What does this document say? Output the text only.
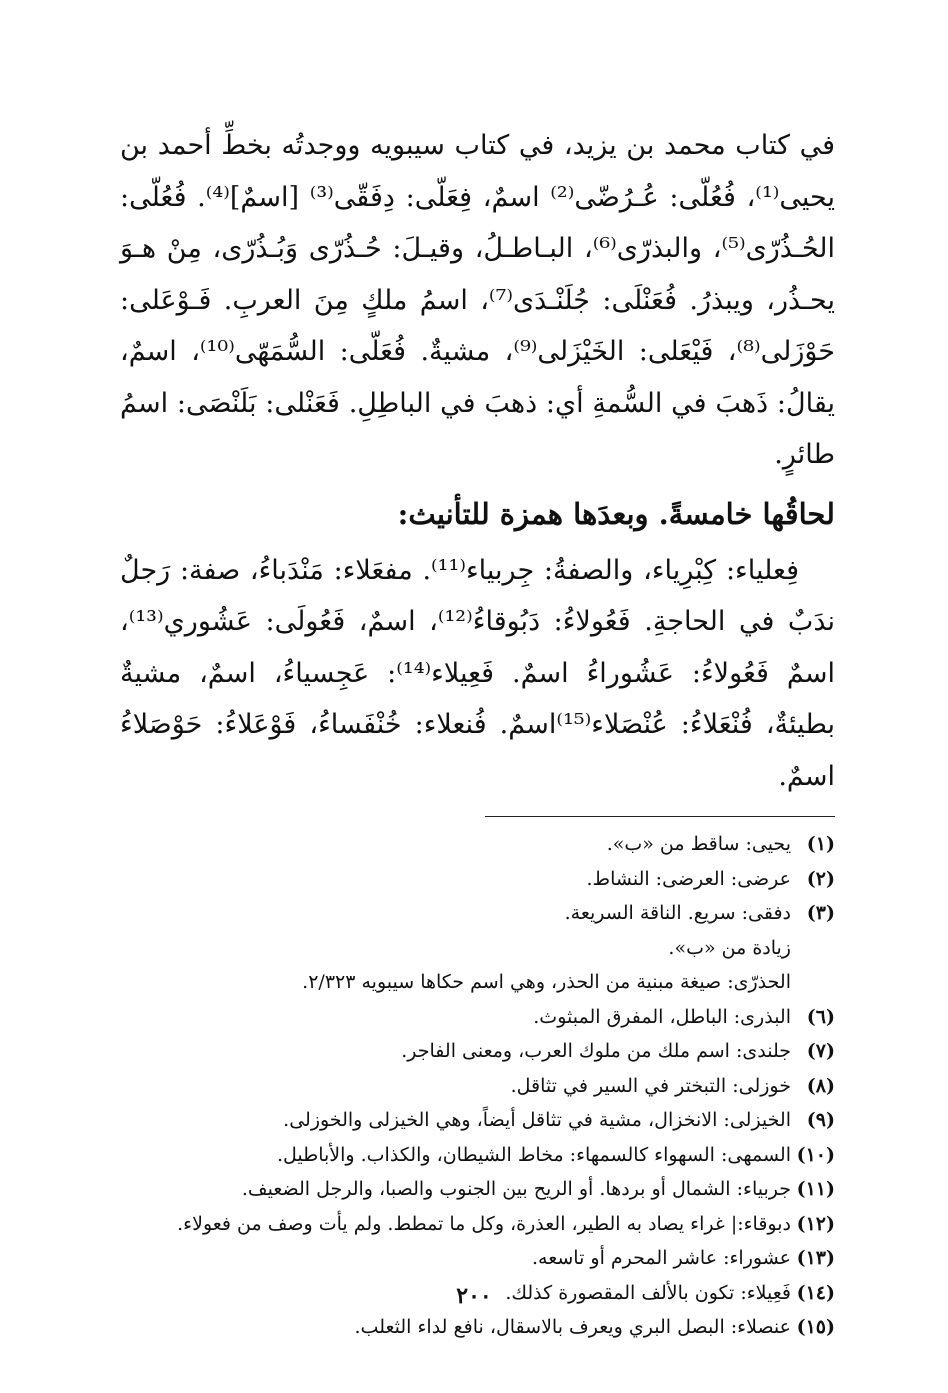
في كتاب محمد بن يزيد، في كتاب سيبويه ووجدتُه بخطِّ أحمد بن يحيى⁽¹⁾، فُعُلّى: عُـرُضّى⁽²⁾ اسمٌ، فِعَلّى: دِفَقّى⁽³⁾ [اسمٌ]⁽⁴⁾. فُعُلّى: الحُـذُرّى⁽⁵⁾، والبذرّى⁽⁶⁾، البـاطـلُ، وقيـلَ: حُـذُرّى وَبُـذُرّى، مِنْ هـوَ يحـذُر، ويبذرُ. فُعَنْلَى: جُلَنْـدَى⁽⁷⁾، اسمُ ملكٍ مِنَ العربِ. فَـوْعَلى: حَوْزَلى⁽⁸⁾، فَيْعَلى: الخَيْزَلى⁽⁹⁾، مشيةٌ. فُعَلّى: السُّمَهّى⁽¹⁰⁾، اسمٌ، يقالُ: ذَهبَ في السُّمةِ أي: ذهبَ في الباطِلِ. فَعَنْلى: بَلَنْصَى: اسمُ طائرٍ.

لحاقُها خامسةً. وبعدَها همزة للتأنيث:

فِعلياء: كِبْرِياء، والصفةُ: جِربياء⁽¹¹⁾. مفعَلاء: مَنْدَباءُ، صفة: رَجلٌ ندَبٌ في الحاجةِ. فَعُولاءُ: دَبُوقاءُ⁽¹²⁾، اسمٌ، فَعُولَى: عَشُوري⁽¹³⁾، اسمٌ فَعُولاءُ: عَشُوراءُ اسمٌ. فَعِيلاء⁽¹⁴⁾: عَجِسياءُ، اسمٌ، مشيةٌ بطيئةٌ، فُنْعَلاءُ: عُنْصَلاء⁽¹⁵⁾اسمٌ. فُنعلاء: خُنْفَساءُ، فَوْعَلاءُ: حَوْصَلاءُ اسمٌ.

(١)
يحيى: ساقط من «ب».
(٢)
عرضى: العرضى: النشاط.
(٣)
دفقى: سريع. الناقة السريعة.
زيادة من «ب».
الحذرّى: صيغة مبنية من الحذر، وهي اسم حكاها سيبويه ٢/٣٢٣.
(٦)
البذرى: الباطل، المفرق المبثوث.
(٧)
جلندى: اسم ملك من ملوك العرب، ومعنى الفاجر.
(٨)
خوزلى: التبختر في السير في تثاقل.
(٩)
الخيزلى: الانخزال، مشية في تثاقل أيضاً، وهي الخيزلى والخوزلى.
(١٠)
السمهى: السهواء كالسمهاء: مخاط الشيطان، والكذاب. والأباطيل.
(١١)
جربياء: الشمال أو بردها. أو الريح بين الجنوب والصبا، والرجل الضعيف.
(١٢)
دبوقاء:| غراء يصاد به الطير، العذرة، وكل ما تمطط. ولم يأت وصف من فعولاء.
(١٣)
عشوراء: عاشر المحرم أو تاسعه.
(١٤)
فَعِيلاء: تكون بالألف المقصورة كذلك.
(١٥)
عنصلاء: البصل البري ويعرف بالاسقال، نافع لداء الثعلب.
٢٠٠
